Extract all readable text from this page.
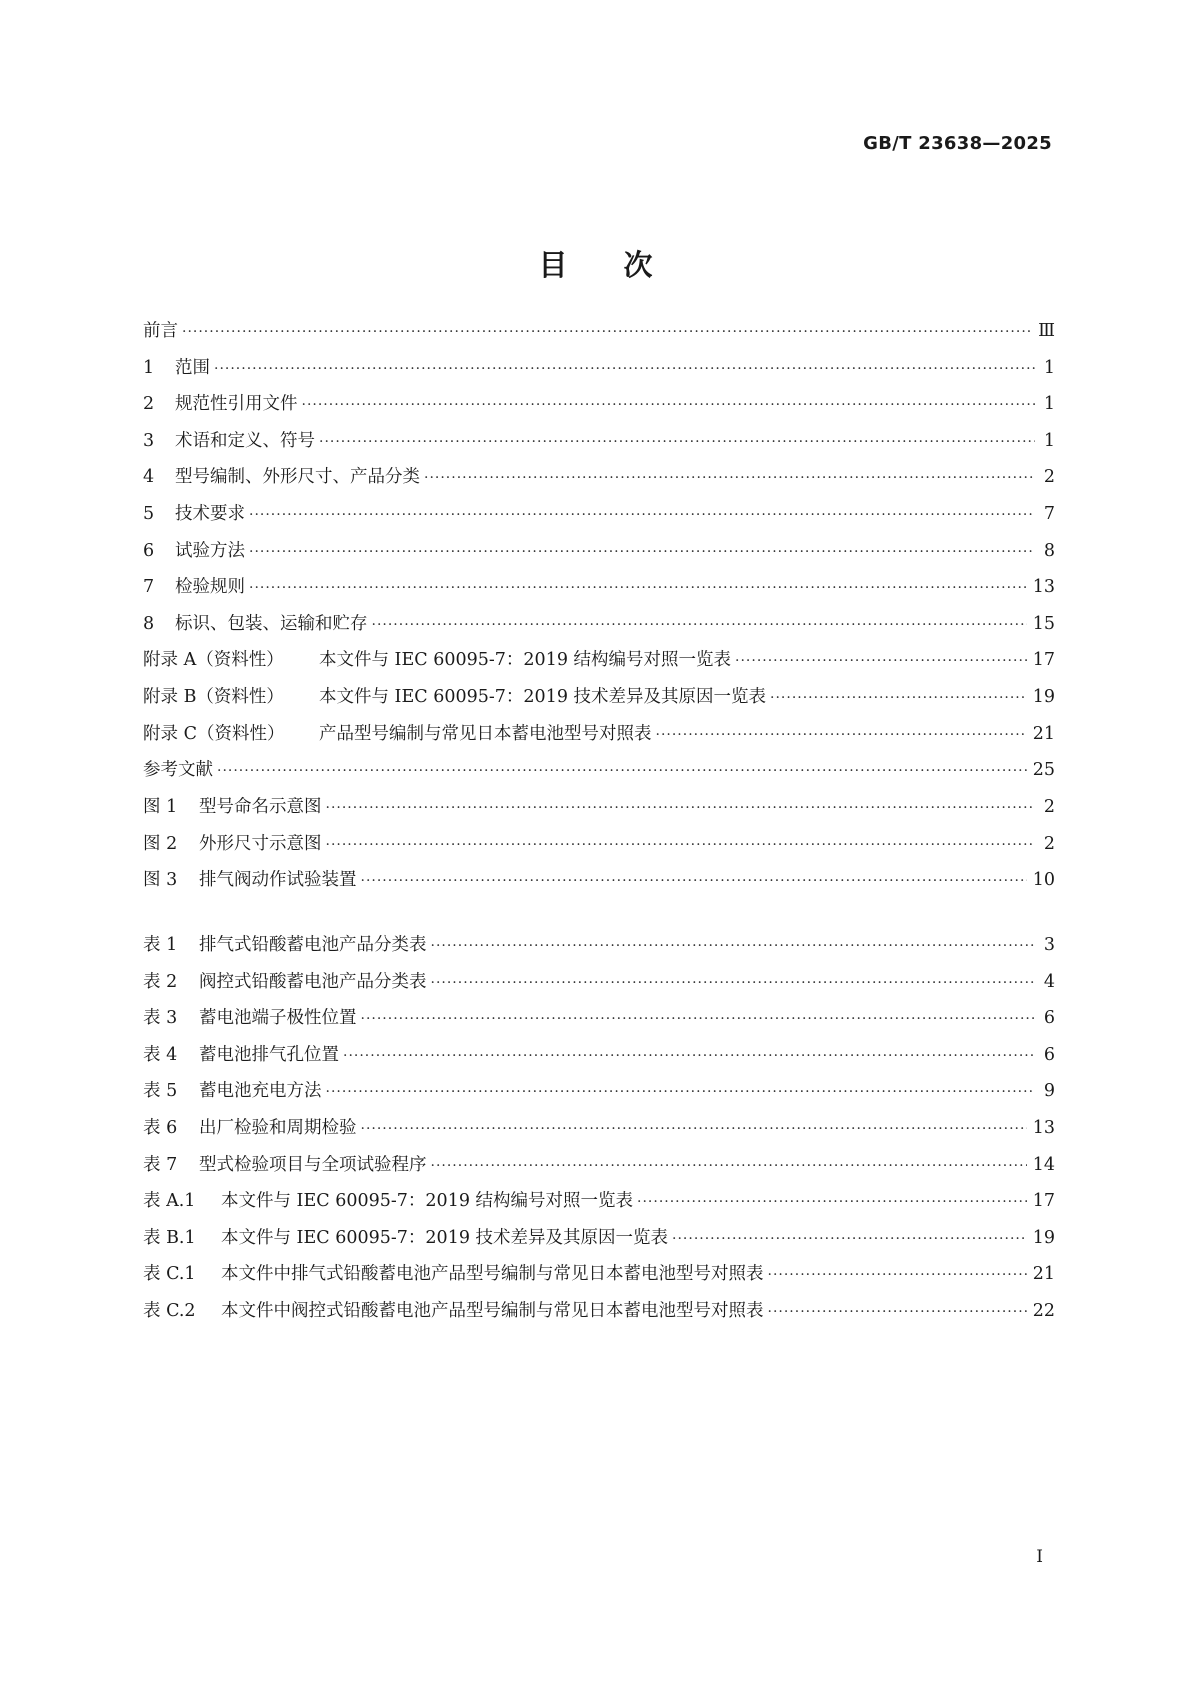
GB/T 23638—2025
目次
前言 ·····	Ⅲ
1	范围 ·····	1
2	规范性引用文件 ·····	1
3	术语和定义、符号 ·····	1
4	型号编制、外形尺寸、产品分类 ·····	2
5	技术要求 ·····	7
6	试验方法 ·····	8
7	检验规则 ·····	13
8	标识、包装、运输和贮存 ·····	15
附录 A（资料性）	本文件与 IEC 60095-7：2019 结构编号对照一览表 ·····	17
附录 B（资料性）	本文件与 IEC 60095-7：2019 技术差异及其原因一览表 ·····	19
附录 C（资料性）	产品型号编制与常见日本蓄电池型号对照表 ·····	21
参考文献 ·····	25
图 1	型号命名示意图 ·····	2
图 2	外形尺寸示意图 ·····	2
图 3	排气阀动作试验装置 ·····	10
表 1	排气式铅酸蓄电池产品分类表 ·····	3
表 2	阀控式铅酸蓄电池产品分类表 ·····	4
表 3	蓄电池端子极性位置 ·····	6
表 4	蓄电池排气孔位置 ·····	6
表 5	蓄电池充电方法 ·····	9
表 6	出厂检验和周期检验 ·····	13
表 7	型式检验项目与全项试验程序 ·····	14
表 A.1	本文件与 IEC 60095-7：2019 结构编号对照一览表 ·····	17
表 B.1	本文件与 IEC 60095-7：2019 技术差异及其原因一览表 ·····	19
表 C.1	本文件中排气式铅酸蓄电池产品型号编制与常见日本蓄电池型号对照表 ·····	21
表 C.2	本文件中阀控式铅酸蓄电池产品型号编制与常见日本蓄电池型号对照表 ·····	22
I
